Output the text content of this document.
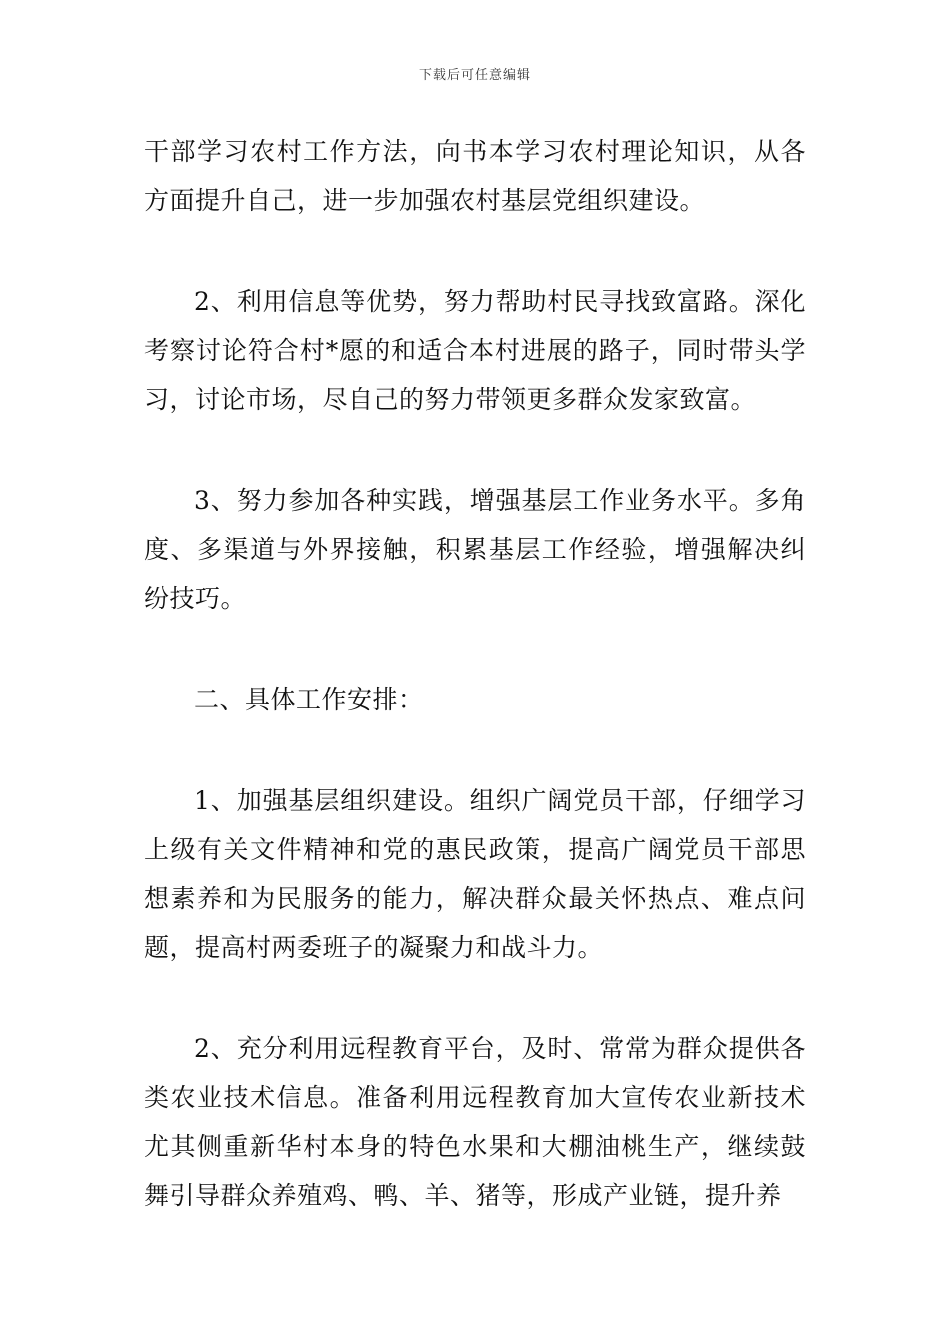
下载后可任意编辑

干部学习农村工作方法，向书本学习农村理论知识，从各方面提升自己，进一步加强农村基层党组织建设。

2、利用信息等优势，努力帮助村民寻找致富路。深化考察讨论符合村*愿的和适合本村进展的路子，同时带头学习，讨论市场，尽自己的努力带领更多群众发家致富。

3、努力参加各种实践，增强基层工作业务水平。多角度、多渠道与外界接触，积累基层工作经验，增强解决纠纷技巧。

二、具体工作安排：

1、加强基层组织建设。组织广阔党员干部，仔细学习上级有关文件精神和党的惠民政策，提高广阔党员干部思想素养和为民服务的能力，解决群众最关怀热点、难点问题，提高村两委班子的凝聚力和战斗力。

2、充分利用远程教育平台，及时、常常为群众提供各类农业技术信息。准备利用远程教育加大宣传农业新技术尤其侧重新华村本身的特色水果和大棚油桃生产，继续鼓舞引导群众养殖鸡、鸭、羊、猪等，形成产业链，提升养
